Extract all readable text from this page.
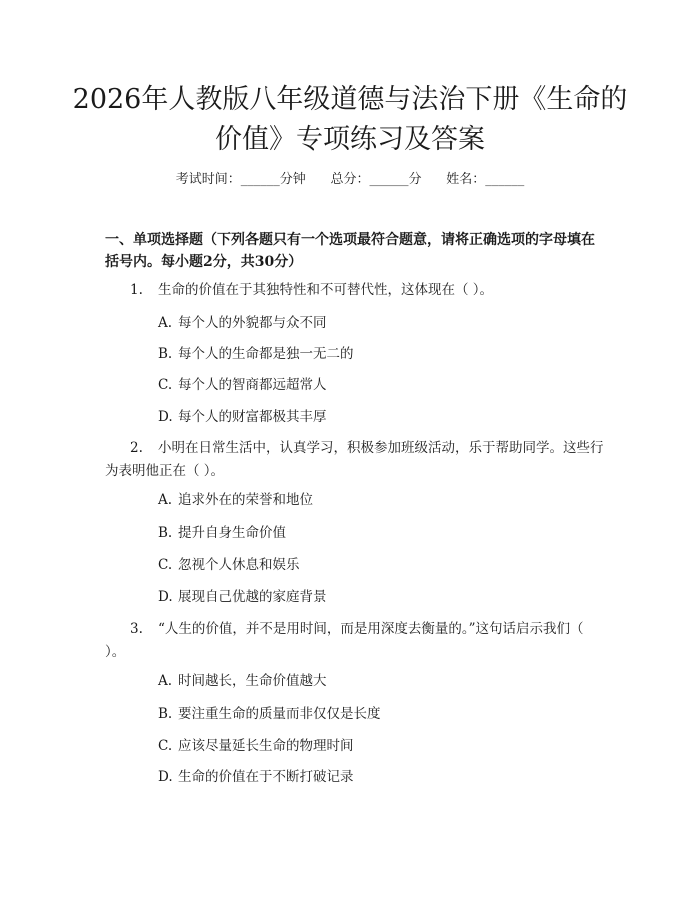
2026年人教版八年级道德与法治下册《生命的价值》专项练习及答案
考试时间：______分钟      总分：______分      姓名：______
一、单项选择题（下列各题只有一个选项最符合题意，请将正确选项的字母填在括号内。每小题2分，共30分）
1. 生命的价值在于其独特性和不可替代性，这体现在（ ）。
A. 每个人的外貌都与众不同
B. 每个人的生命都是独一无二的
C. 每个人的智商都远超常人
D. 每个人的财富都极其丰厚
2. 小明在日常生活中，认真学习，积极参加班级活动，乐于帮助同学。这些行为表明他正在（ ）。
A. 追求外在的荣誉和地位
B. 提升自身生命价值
C. 忽视个人休息和娱乐
D. 展现自己优越的家庭背景
3. “人生的价值，并不是用时间，而是用深度去衡量的。”这句话启示我们（ ）。
A. 时间越长，生命价值越大
B. 要注重生命的质量而非仅仅是长度
C. 应该尽量延长生命的物理时间
D. 生命的价值在于不断打破记录
